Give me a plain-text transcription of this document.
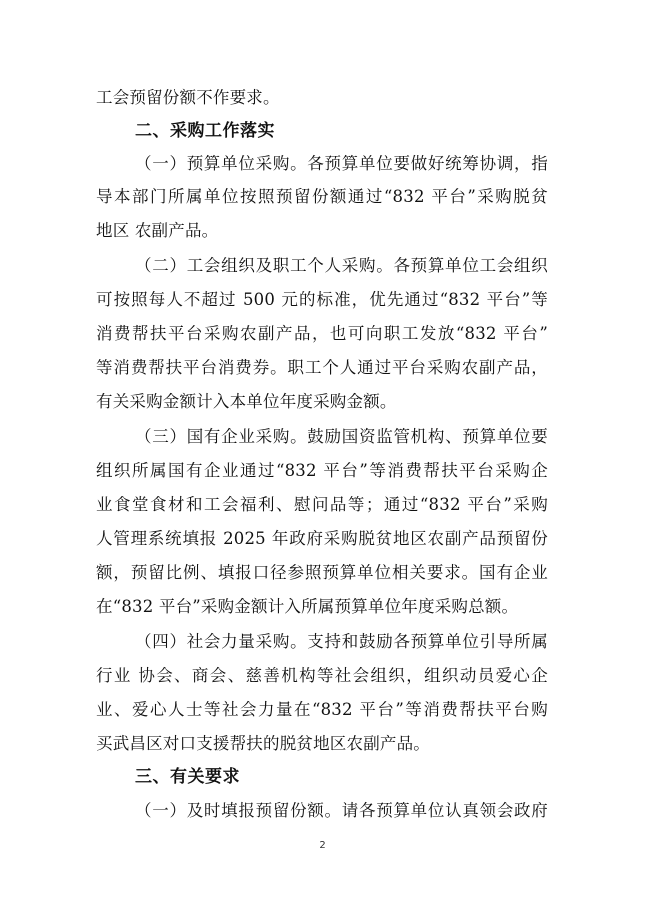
工会预留份额不作要求。
二、采购工作落实
（一）预算单位采购。各预算单位要做好统筹协调，指
导本部门所属单位按照预留份额通过“832 平台”采购脱贫
地区 农副产品。
（二）工会组织及职工个人采购。各预算单位工会组织
可按照每人不超过 500 元的标准，优先通过“832 平台”等
消费帮扶平台采购农副产品，也可向职工发放“832 平台”
等消费帮扶平台消费券。职工个人通过平台采购农副产品，
有关采购金额计入本单位年度采购金额。
（三）国有企业采购。鼓励国资监管机构、预算单位要
组织所属国有企业通过“832 平台”等消费帮扶平台采购企
业食堂食材和工会福利、慰问品等；通过“832 平台”采购
人管理系统填报 2025 年政府采购脱贫地区农副产品预留份
额，预留比例、填报口径参照预算单位相关要求。国有企业
在“832 平台”采购金额计入所属预算单位年度采购总额。
（四）社会力量采购。支持和鼓励各预算单位引导所属
行业 协会、商会、慈善机构等社会组织，组织动员爱心企
业、爱心人士等社会力量在“832 平台”等消费帮扶平台购
买武昌区对口支援帮扶的脱贫地区农副产品。
三、有关要求
（一）及时填报预留份额。请各预算单位认真领会政府
2
